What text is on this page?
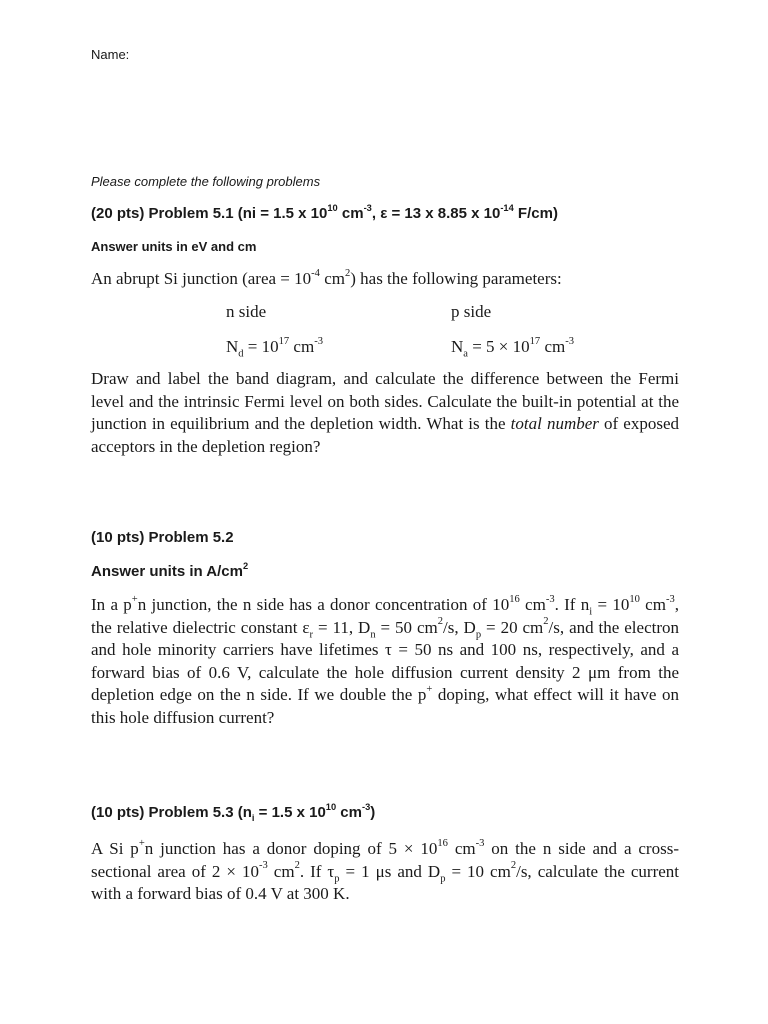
Name:
Please complete the following problems
(20 pts) Problem 5.1 (ni = 1.5 x $10^{10}$ $cm^{-3}$, ε = 13 x 8.85 x $10^{-14}$ F/cm)
Answer units in eV and cm
An abrupt Si junction (area = $10^{-4}$ $cm^2$) has the following parameters:
n side	p side
$N_d = 10^{17}$ $cm^{-3}$	$N_a = 5 \times 10^{17}$ $cm^{-3}$
Draw and label the band diagram, and calculate the difference between the Fermi level and the intrinsic Fermi level on both sides. Calculate the built-in potential at the junction in equilibrium and the depletion width. What is the total number of exposed acceptors in the depletion region?
(10 pts) Problem 5.2
Answer units in $A/cm^2$
In a p+n junction, the n side has a donor concentration of $10^{16}$ $cm^{-3}$. If $n_i = 10^{10}$ $cm^{-3}$, the relative dielectric constant $\varepsilon_r = 11$, $D_n = 50$ $cm^2/s$, $D_p = 20$ $cm^2/s$, and the electron and hole minority carriers have lifetimes τ = 50 ns and 100 ns, respectively, and a forward bias of 0.6 V, calculate the hole diffusion current density 2 μm from the depletion edge on the n side. If we double the p+ doping, what effect will it have on this hole diffusion current?
(10 pts) Problem 5.3 ($n_i = 1.5$ x $10^{10}$ $cm^{-3}$)
A Si p+n junction has a donor doping of $5 \times 10^{16}$ $cm^{-3}$ on the n side and a cross-sectional area of $2 \times 10^{-3}$ $cm^2$. If $\tau_p = 1$ μs and $D_p = 10$ $cm^2/s$, calculate the current with a forward bias of 0.4 V at 300 K.
